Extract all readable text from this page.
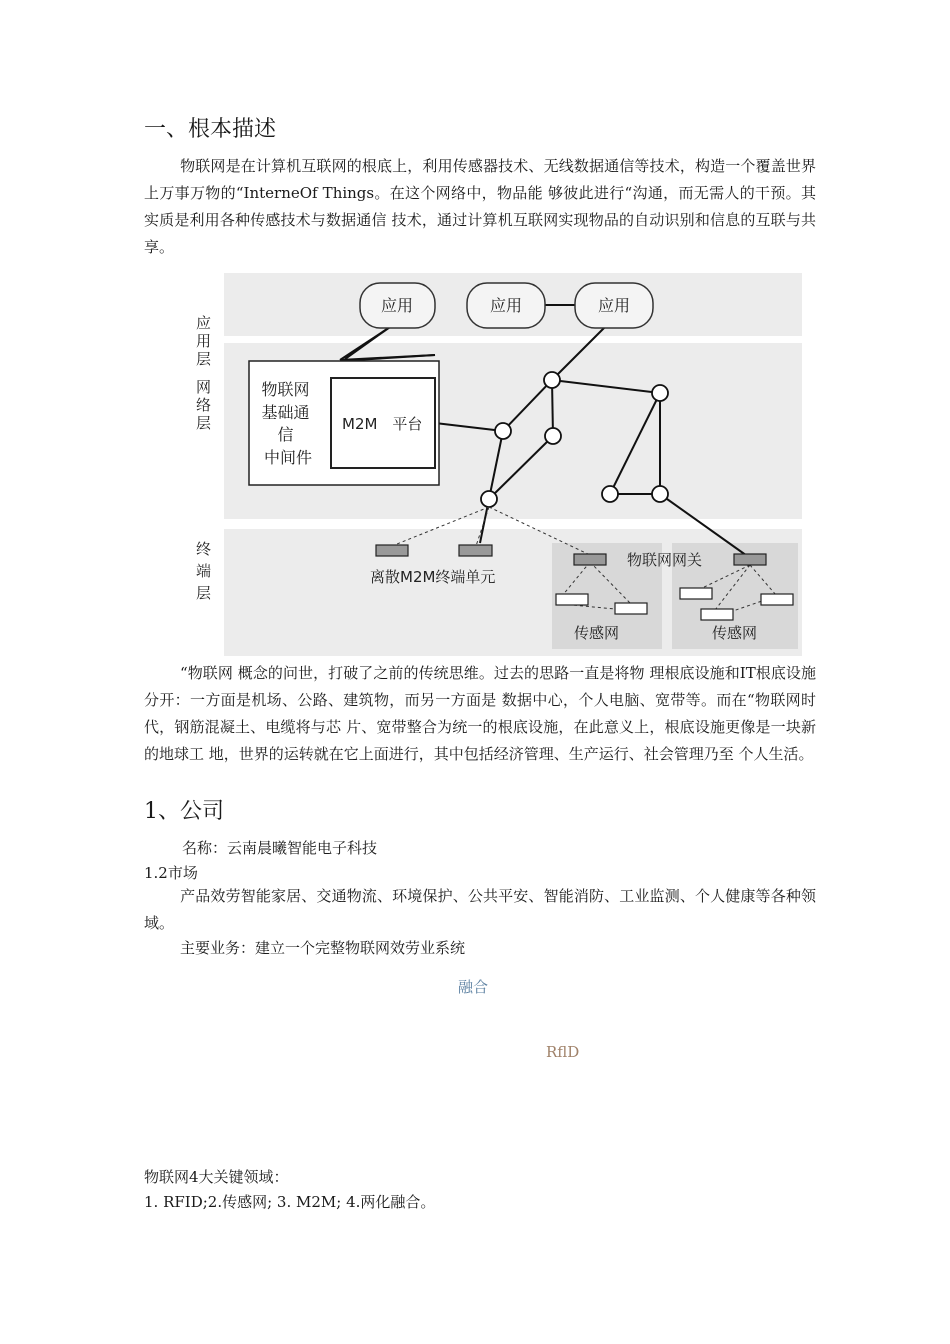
一、根本描述
物联网是在计算机互联网的根底上，利用传感器技术、无线数据通信等技术，构造一个覆盖世界上万事万物的“InterneOf Things。在这个网络中，物品能 够彼此进行“沟通，而无需人的干预。其实质是利用各种传感技术与数据通信 技术，通过计算机互联网实现物品的自动识别和信息的互联与共享。
应用层
网络层
终端层
应用	应用	应用
物联网 基础通 信 中间件
M2M　平台
离散M2M终端单元
物联网网关
传感网	传感网
“物联网 概念的问世，打破了之前的传统思维。过去的思路一直是将物 理根底设施和IT根底设施分开：一方面是机场、公路、建筑物，而另一方面是 数据中心，个人电脑、宽带等。而在“物联网时代，钢筋混凝土、电缆将与芯 片、宽带整合为统一的根底设施，在此意义上，根底设施更像是一块新的地球工 地，世界的运转就在它上面进行，其中包括经济管理、生产运行、社会管理乃至 个人生活。
1、公司
名称：云南晨曦智能电子科技
1.2市场
产品效劳智能家居、交通物流、环境保护、公共平安、智能消防、工业监测、个人健康等各种领域。
主要业务：建立一个完整物联网效劳业系统
融合
RflD
物联网4大关键领域：
1. RFID;2.传感网; 3. M2M; 4.两化融合。
